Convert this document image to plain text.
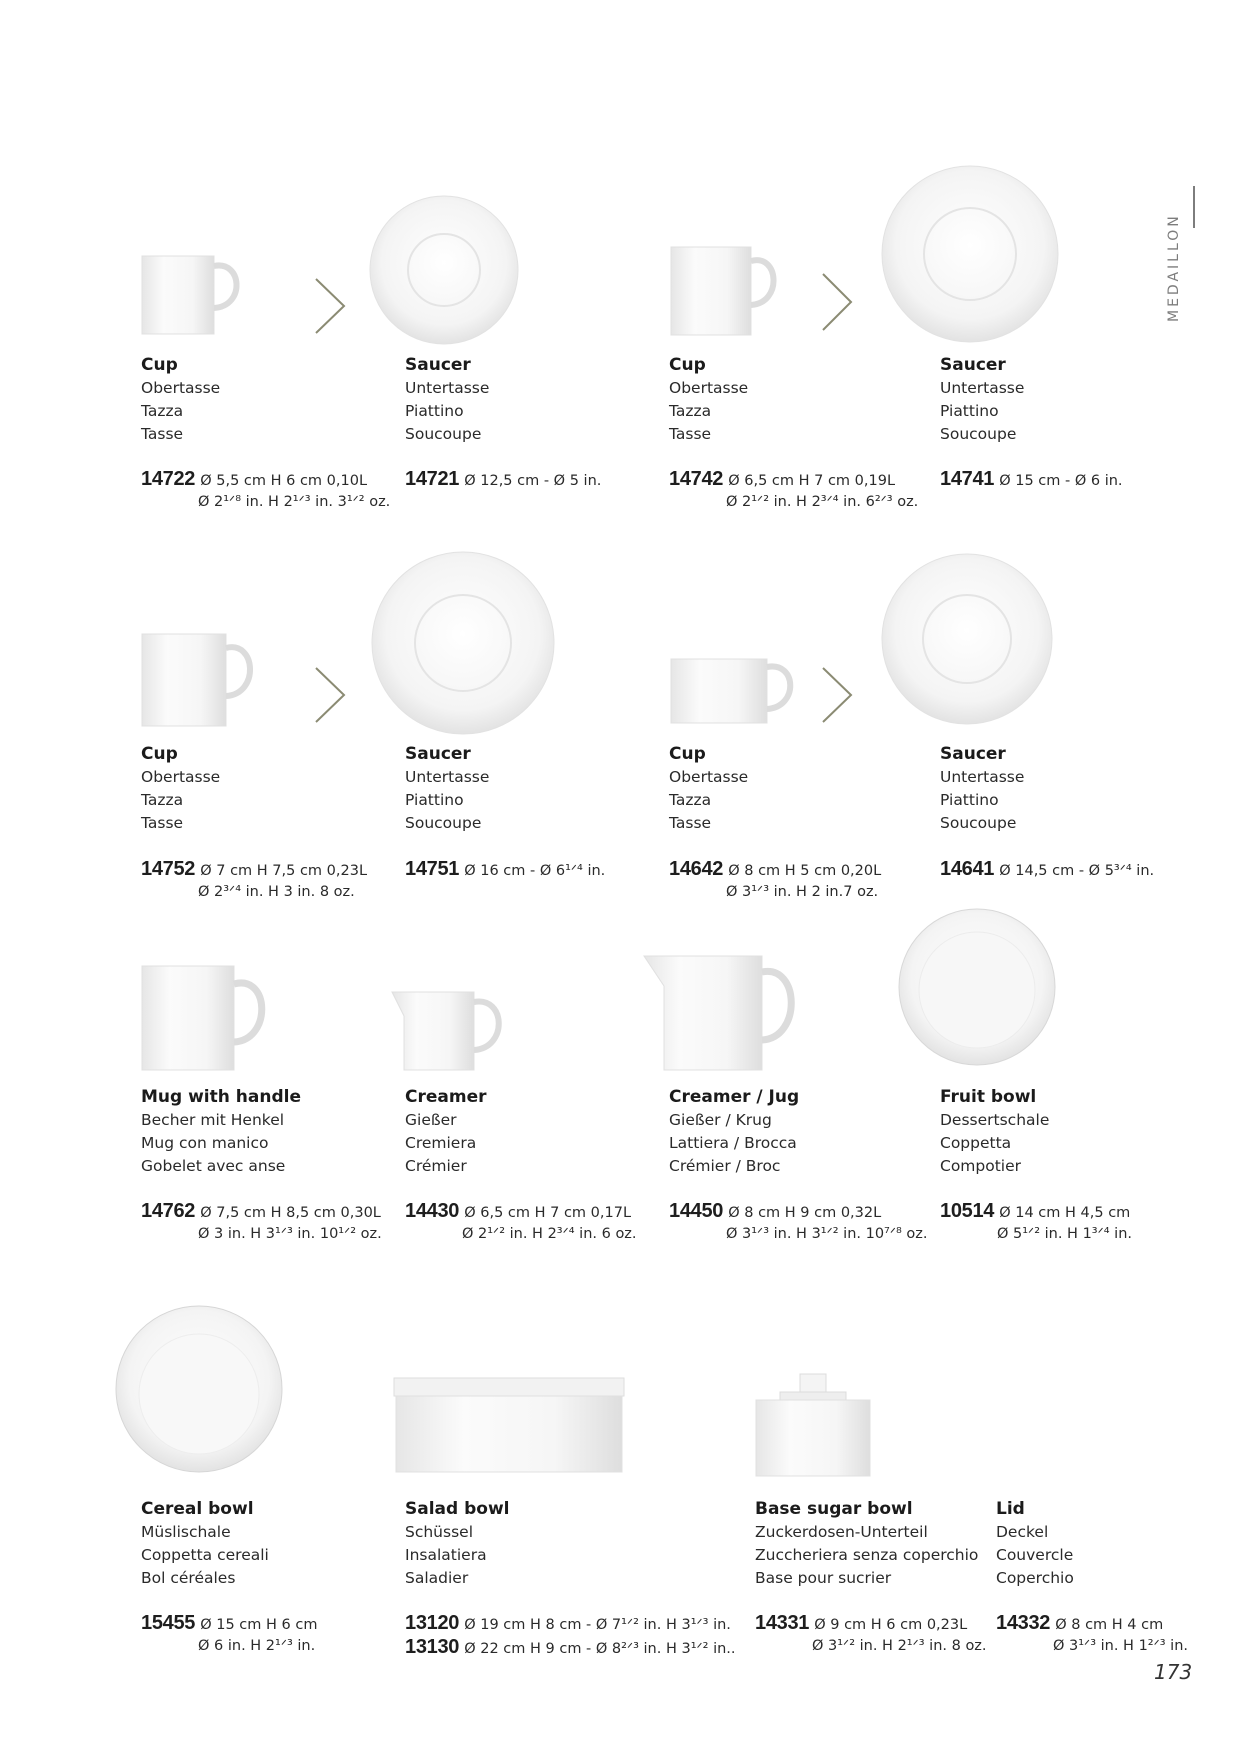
MEDAILLON
Cup
Obertasse
Tazza
Tasse
Saucer
Untertasse
Piattino
Soucoupe
Cup
Obertasse
Tazza
Tasse
Saucer
Untertasse
Piattino
Soucoupe
14722 Ø 5,5 cm H 6 cm 0,10L
Ø 2¹ᐟ⁸ in. H 2¹ᐟ³ in. 3¹ᐟ² oz.
14721 Ø 12,5 cm - Ø 5 in.	14742 Ø 6,5 cm H 7 cm 0,19L
Ø 2¹ᐟ² in. H 2³ᐟ⁴ in. 6²ᐟ³ oz.
14741 Ø 15 cm - Ø 6 in.
Cup
Obertasse
Tazza
Tasse
Saucer
Untertasse
Piattino
Soucoupe
Cup
Obertasse
Tazza
Tasse
Saucer
Untertasse
Piattino
Soucoupe
14752 Ø 7 cm H 7,5 cm 0,23L
Ø 2³ᐟ⁴ in. H 3 in. 8 oz.
14751 Ø 16 cm - Ø 6¹ᐟ⁴ in.	14642 Ø 8 cm H 5 cm 0,20L
Ø 3¹ᐟ³ in. H 2 in.7 oz.
14641 Ø 14,5 cm - Ø 5³ᐟ⁴ in.
Mug with handle
Becher mit Henkel
Mug con manico
Gobelet avec anse
Creamer
Gießer
Cremiera
Crémier
Creamer / Jug
Gießer / Krug
Lattiera / Brocca
Crémier / Broc
Fruit bowl
Dessertschale
Coppetta
Compotier
14762 Ø 7,5 cm H 8,5 cm 0,30L
Ø 3 in. H 3¹ᐟ³ in. 10¹ᐟ² oz.
14430 Ø 6,5 cm H 7 cm 0,17L
Ø 2¹ᐟ² in. H 2³ᐟ⁴ in. 6 oz.
14450 Ø 8 cm H 9 cm 0,32L
Ø 3¹ᐟ³ in. H 3¹ᐟ² in. 10⁷ᐟ⁸ oz.
10514 Ø 14 cm H 4,5 cm
Ø 5¹ᐟ² in. H 1³ᐟ⁴ in.
Cereal bowl
Müslischale
Coppetta cereali
Bol céréales
Salad bowl
Schüssel
Insalatiera
Saladier
Base sugar bowl
Zuckerdosen-Unterteil
Zuccheriera senza coperchio
Base pour sucrier
Lid
Deckel
Couvercle
Coperchio
15455 Ø 15 cm H 6 cm
Ø 6 in. H 2¹ᐟ³ in.
13120 Ø 19 cm H 8 cm - Ø 7¹ᐟ² in. H 3¹ᐟ³ in.
13130 Ø 22 cm H 9 cm - Ø 8²ᐟ³ in. H 3¹ᐟ² in..
14331 Ø 9 cm H 6 cm 0,23L
Ø 3¹ᐟ² in. H 2¹ᐟ³ in. 8 oz.
14332 Ø 8 cm H 4 cm
Ø 3¹ᐟ³ in. H 1²ᐟ³ in.
173
